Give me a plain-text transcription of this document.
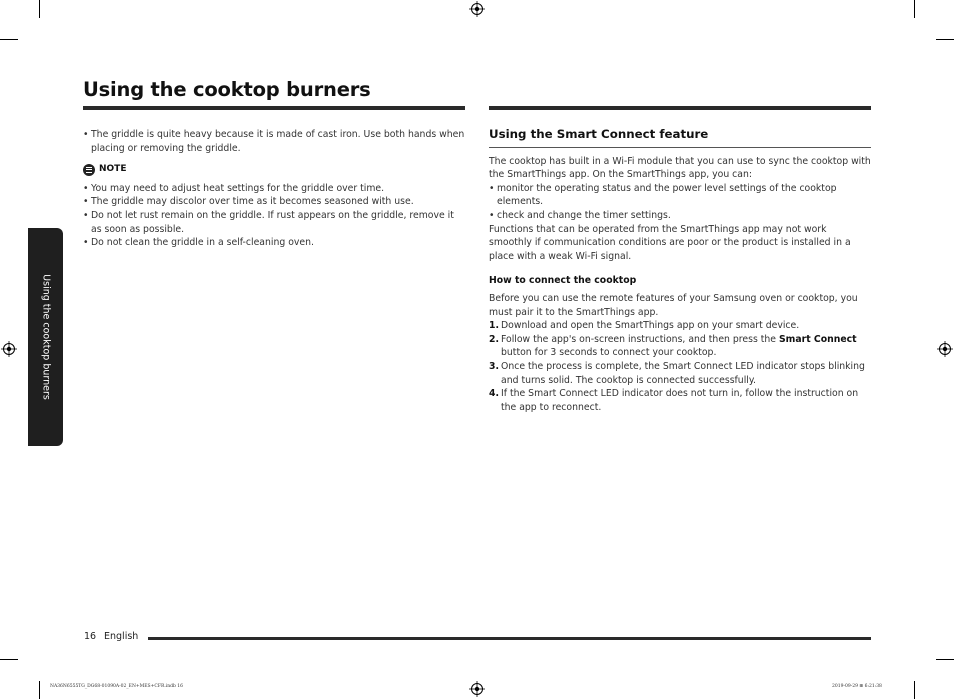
Using the cooktop burners
Using the cooktop burners
• The griddle is quite heavy because it is made of cast iron. Use both hands when placing or removing the griddle.
NOTE
• You may need to adjust heat settings for the griddle over time.
• The griddle may discolor over time as it becomes seasoned with use.
• Do not let rust remain on the griddle. If rust appears on the griddle, remove it as soon as possible.
• Do not clean the griddle in a self-cleaning oven.
Using the Smart Connect feature

The cooktop has built in a Wi-Fi module that you can use to sync the cooktop with the SmartThings app. On the SmartThings app, you can:

• monitor the operating status and the power level settings of the cooktop elements.
• check and change the timer settings.

Functions that can be operated from the SmartThings app may not work smoothly if communication conditions are poor or the product is installed in a place with a weak Wi-Fi signal.

How to connect the cooktop

Before you can use the remote features of your Samsung oven or cooktop, you must pair it to the SmartThings app.

1. Download and open the SmartThings app on your smart device.
2. Follow the app's on-screen instructions, and then press the Smart Connect button for 3 seconds to connect your cooktop.
3. Once the process is complete, the Smart Connect LED indicator stops blinking and turns solid. The cooktop is connected successfully.
4. If the Smart Connect LED indicator does not turn in, follow the instruction on the app to reconnect.
16 English
NA36N6555TG_DG68-01090A-02_EN+MES+CFR.indb 16	2019-09-29 ⊞ 6:21:38
